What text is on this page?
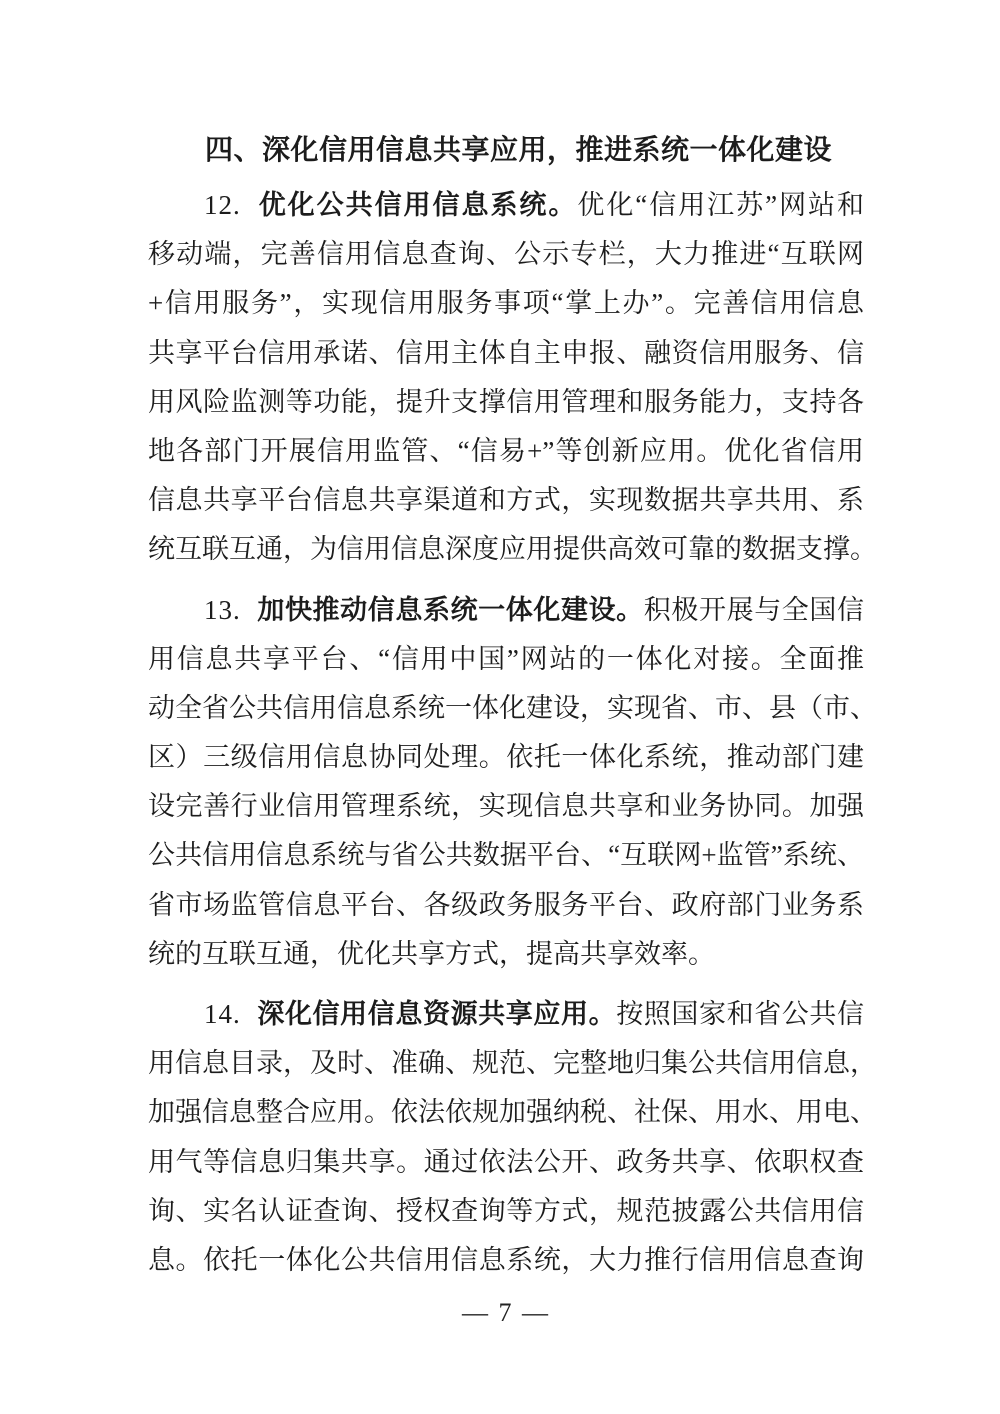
四、深化信用信息共享应用，推进系统一体化建设
12. 优化公共信用信息系统。优化“信用江苏”网站和
移动端，完善信用信息查询、公示专栏，大力推进“互联网
+信用服务”，实现信用服务事项“掌上办”。完善信用信息
共享平台信用承诺、信用主体自主申报、融资信用服务、信
用风险监测等功能，提升支撑信用管理和服务能力，支持各
地各部门开展信用监管、“信易+”等创新应用。优化省信用
信息共享平台信息共享渠道和方式，实现数据共享共用、系
统互联互通，为信用信息深度应用提供高效可靠的数据支撑。
13. 加快推动信息系统一体化建设。积极开展与全国信
用信息共享平台、“信用中国”网站的一体化对接。全面推
动全省公共信用信息系统一体化建设，实现省、市、县（市、
区）三级信用信息协同处理。依托一体化系统，推动部门建
设完善行业信用管理系统，实现信息共享和业务协同。加强
公共信用信息系统与省公共数据平台、“互联网+监管”系统、
省市场监管信息平台、各级政务服务平台、政府部门业务系
统的互联互通，优化共享方式，提高共享效率。
14. 深化信用信息资源共享应用。按照国家和省公共信
用信息目录，及时、准确、规范、完整地归集公共信用信息，
加强信息整合应用。依法依规加强纳税、社保、用水、用电、
用气等信息归集共享。通过依法公开、政务共享、依职权查
询、实名认证查询、授权查询等方式，规范披露公共信用信
息。依托一体化公共信用信息系统，大力推行信用信息查询
— 7 —
